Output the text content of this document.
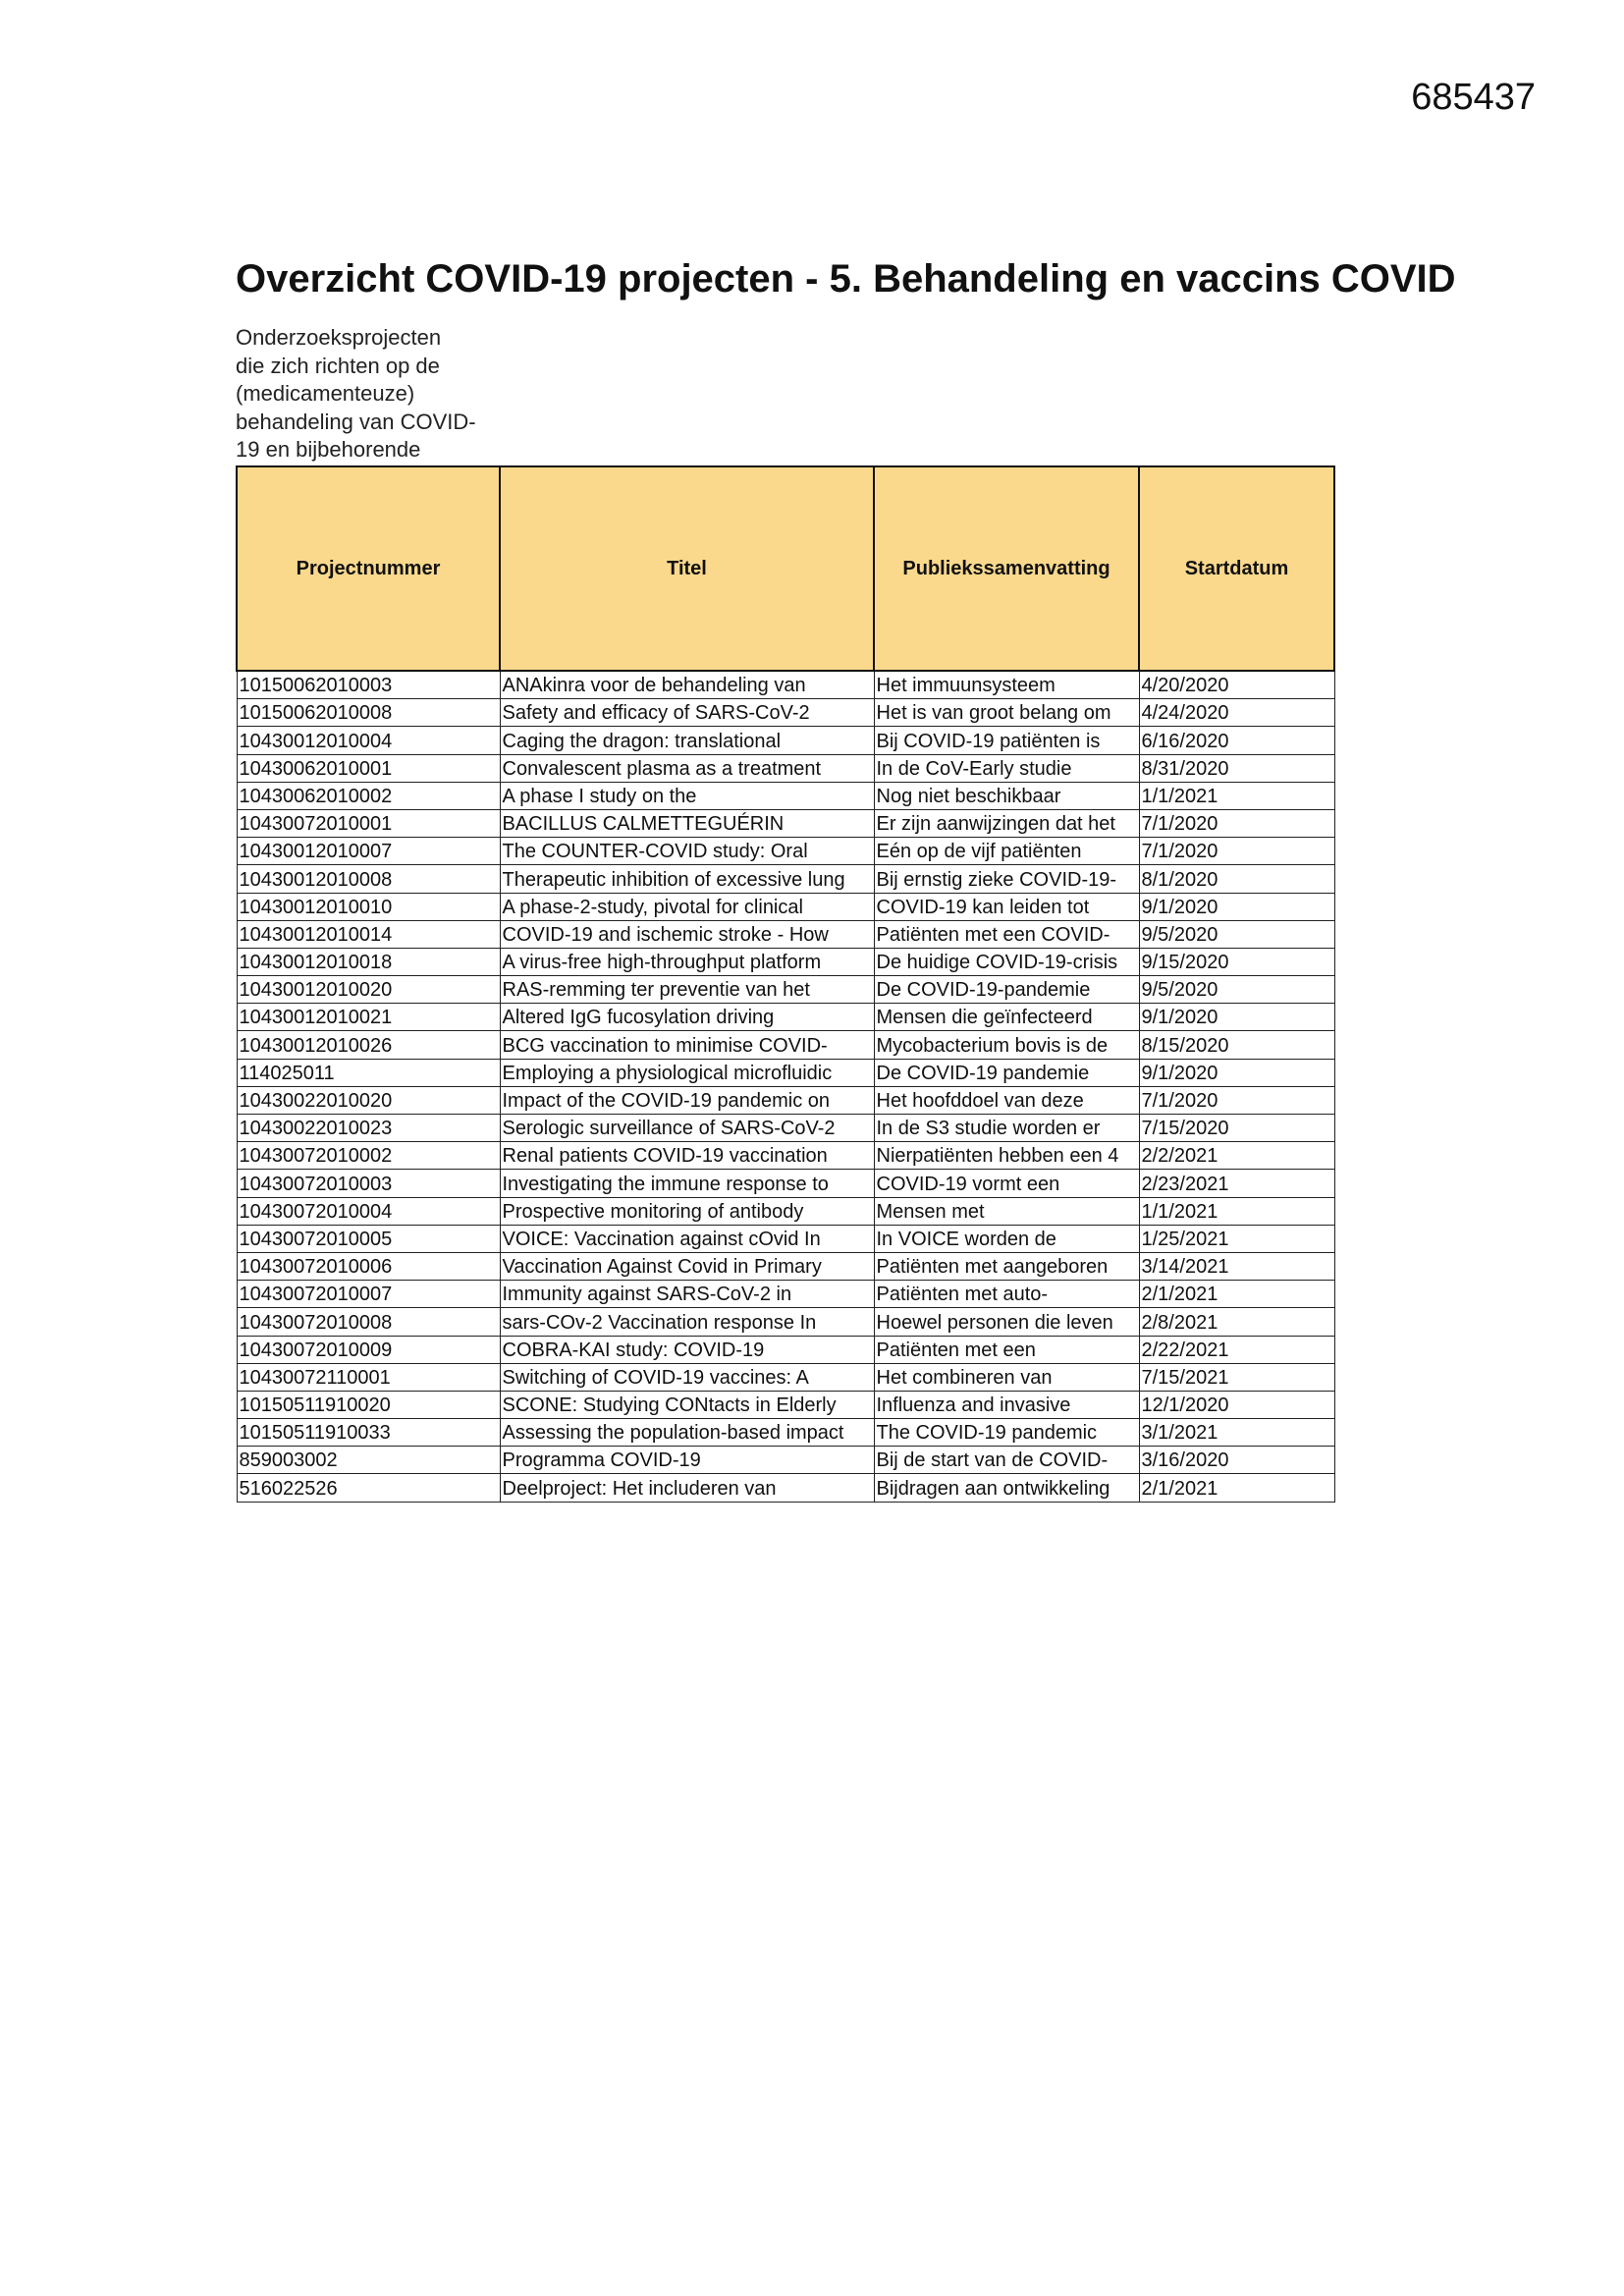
685437
Overzicht COVID-19 projecten - 5. Behandeling en vaccins COVID
Onderzoeksprojecten
die zich richten op de
(medicamenteuze)
behandeling van COVID-
19 en bijbehorende
Projectnummer	Titel	Publiekssamenvatting	Startdatum
10150062010003	ANAkinra voor de behandeling van	Het immuunsysteem	4/20/2020
10150062010008	Safety and efficacy of SARS-CoV-2	Het is van groot belang om	4/24/2020
10430012010004	Caging the dragon: translational	Bij COVID-19 patiënten is	6/16/2020
10430062010001	Convalescent plasma as a treatment	In de CoV-Early studie	8/31/2020
10430062010002	A phase I study on the	Nog niet beschikbaar	1/1/2021
10430072010001	BACILLUS CALMETTEGUÉRIN	Er zijn aanwijzingen dat het	7/1/2020
10430012010007	The COUNTER-COVID study: Oral	Eén op de vijf patiënten	7/1/2020
10430012010008	Therapeutic inhibition of excessive lung	Bij ernstig zieke COVID-19-	8/1/2020
10430012010010	A phase-2-study, pivotal for clinical	COVID-19 kan leiden tot	9/1/2020
10430012010014	COVID-19 and ischemic stroke - How	Patiënten met een COVID-	9/5/2020
10430012010018	A virus-free high-throughput platform	De huidige COVID-19-crisis	9/15/2020
10430012010020	RAS-remming ter preventie van het	De COVID-19-pandemie	9/5/2020
10430012010021	Altered IgG fucosylation driving	Mensen die geïnfecteerd	9/1/2020
10430012010026	BCG vaccination to minimise COVID-	Mycobacterium bovis is de	8/15/2020
114025011	Employing a physiological microfluidic	De COVID-19 pandemie	9/1/2020
10430022010020	Impact of the COVID-19 pandemic on	Het hoofddoel van deze	7/1/2020
10430022010023	Serologic surveillance of SARS-CoV-2	In de S3 studie worden er	7/15/2020
10430072010002	Renal patients COVID-19 vaccination	Nierpatiënten hebben een 4	2/2/2021
10430072010003	Investigating the immune response to	COVID-19 vormt een	2/23/2021
10430072010004	Prospective monitoring of antibody	Mensen met	1/1/2021
10430072010005	VOICE: Vaccination against cOvid In	In VOICE worden de	1/25/2021
10430072010006	Vaccination Against Covid in Primary	Patiënten met aangeboren	3/14/2021
10430072010007	Immunity against SARS-CoV-2 in	Patiënten met auto-	2/1/2021
10430072010008	sars-COv-2 Vaccination response In	Hoewel personen die leven	2/8/2021
10430072010009	COBRA-KAI study: COVID-19	Patiënten met een	2/22/2021
10430072110001	Switching of COVID-19 vaccines: A	Het combineren van	7/15/2021
10150511910020	SCONE: Studying CONtacts in Elderly	Influenza and invasive	12/1/2020
10150511910033	Assessing the population-based impact	The COVID-19 pandemic	3/1/2021
859003002	Programma COVID-19	Bij de start van de COVID-	3/16/2020
516022526	Deelproject: Het includeren van	Bijdragen aan ontwikkeling	2/1/2021
